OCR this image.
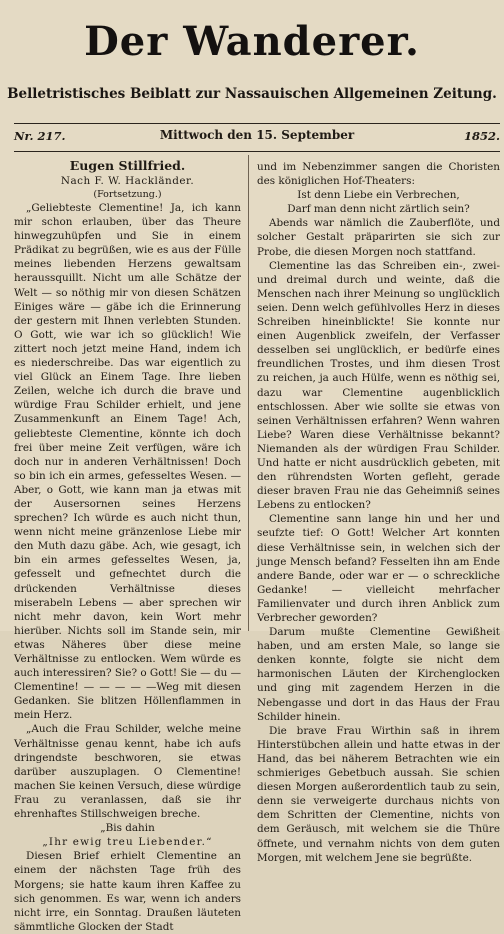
Der Wanderer.
Belletristisches Beiblatt zur Nassauischen Allgemeinen Zeitung.
Nr. 217.	Mittwoch den 15. September	1852.
Eugen Stillfried.
Nach F. W. Hackländer.
(Fortsetzung.)

„Geliebteste Clementine! Ja, ich kann mir schon erlauben, über das Theure hinwegzuhüpfen und Sie in einem Prädikat zu begrüßen, wie es aus der Fülle meines liebenden Herzens gewaltsam heraussquillt. Nicht um alle Schätze der Welt — so nöthig mir von diesen Schätzen Einiges wäre — gäbe ich die Erinnerung der gestern mit Ihnen verlebten Stunden. O Gott, wie war ich so glücklich! Wie zittert noch jetzt meine Hand, indem ich es niederschreibe. Das war eigentlich zu viel Glück an Einem Tage. Ihre lieben Zeilen, welche ich durch die brave und würdige Frau Schilder erhielt, und jene Zusammenkunft an Einem Tage! Ach, geliebteste Clementine, könnte ich doch frei über meine Zeit verfügen, wäre ich doch nur in anderen Verhältnissen! Doch so bin ich ein armes, gefesseltes Wesen. — Aber, o Gott, wie kann man ja etwas mit der Ausersornen seines Herzens sprechen? Ich würde es auch nicht thun, wenn nicht meine gränzenlose Liebe mir den Muth dazu gäbe. Ach, wie gesagt, ich bin ein armes gefesseltes Wesen, ja, gefesselt und gefnechtet durch die drückenden Verhältnisse dieses miserabeln Lebens — aber sprechen wir nicht mehr davon, kein Wort mehr hierüber. Nichts soll im Stande sein, mir etwas Näheres über diese meine Verhältnisse zu entlocken. Wem würde es auch interessiren? Sie? o Gott! Sie — du — Clementine! — — — — —Weg mit diesen Gedanken. Sie blitzen Höllenflammen in mein Herz.

„Auch die Frau Schilder, welche meine Verhältnisse genau kennt, habe ich aufs dringendste beschworen, sie etwas darüber auszuplagen. O Clementine! machen Sie keinen Versuch, diese würdige Frau zu veranlassen, daß sie ihr ehrenhaftes Stillschweigen breche.

„Bis dahin

„Ihr ewig treu Liebender.“

Diesen Brief erhielt Clementine an einem der nächsten Tage früh des Morgens; sie hatte kaum ihren Kaffee zu sich genommen. Es war, wenn ich anders nicht irre, ein Sonntag. Draußen läuteten sämmtliche Glocken der Stadt

und im Nebenzimmer sangen die Choristen des königlichen Hof-Theaters:

Ist denn Liebe ein Verbrechen,

Darf man denn nicht zärtlich sein?

Abends war nämlich die Zauberflöte, und solcher Gestalt präparirten sie sich zur Probe, die diesen Morgen noch stattfand.

Clementine las das Schreiben ein-, zwei- und dreimal durch und weinte, daß die Menschen nach ihrer Meinung so unglücklich seien. Denn welch gefühlvolles Herz in dieses Schreiben hineinblickte! Sie konnte nur einen Augenblick zweifeln, der Verfasser desselben sei unglücklich, er bedürfe eines freundlichen Trostes, und ihm diesen Trost zu reichen, ja auch Hülfe, wenn es nöthig sei, dazu war Clementine augenblicklich entschlossen. Aber wie sollte sie etwas von seinen Verhältnissen erfahren? Wenn wahren Liebe? Waren diese Verhältnisse bekannt? Niemanden als der würdigen Frau Schilder. Und hatte er nicht ausdrücklich gebeten, mit den rührendsten Worten gefleht, gerade dieser braven Frau nie das Geheimniß seines Lebens zu entlocken?

Clementine sann lange hin und her und seufzte tief: O Gott! Welcher Art konnten diese Verhältnisse sein, in welchen sich der junge Mensch befand? Fesselten ihn am Ende andere Bande, oder war er — o schreckliche Gedanke! — vielleicht mehrfacher Familienvater und durch ihren Anblick zum Verbrecher geworden?

Darum mußte Clementine Gewißheit haben, und am ersten Male, so lange sie denken konnte, folgte sie nicht dem harmonischen Läuten der Kirchenglocken und ging mit zagendem Herzen in die Nebengasse und dort in das Haus der Frau Schilder hinein.

Die brave Frau Wirthin saß in ihrem Hinterstübchen allein und hatte etwas in der Hand, das bei näherem Betrachten wie ein schmieriges Gebetbuch aussah. Sie schien diesen Morgen außerordentlich taub zu sein, denn sie verweigerte durchaus nichts von dem Schritten der Clementine, nichts von dem Geräusch, mit welchem sie die Thüre öffnete, und vernahm nichts von dem guten Morgen, mit welchem Jene sie begrüßte.
